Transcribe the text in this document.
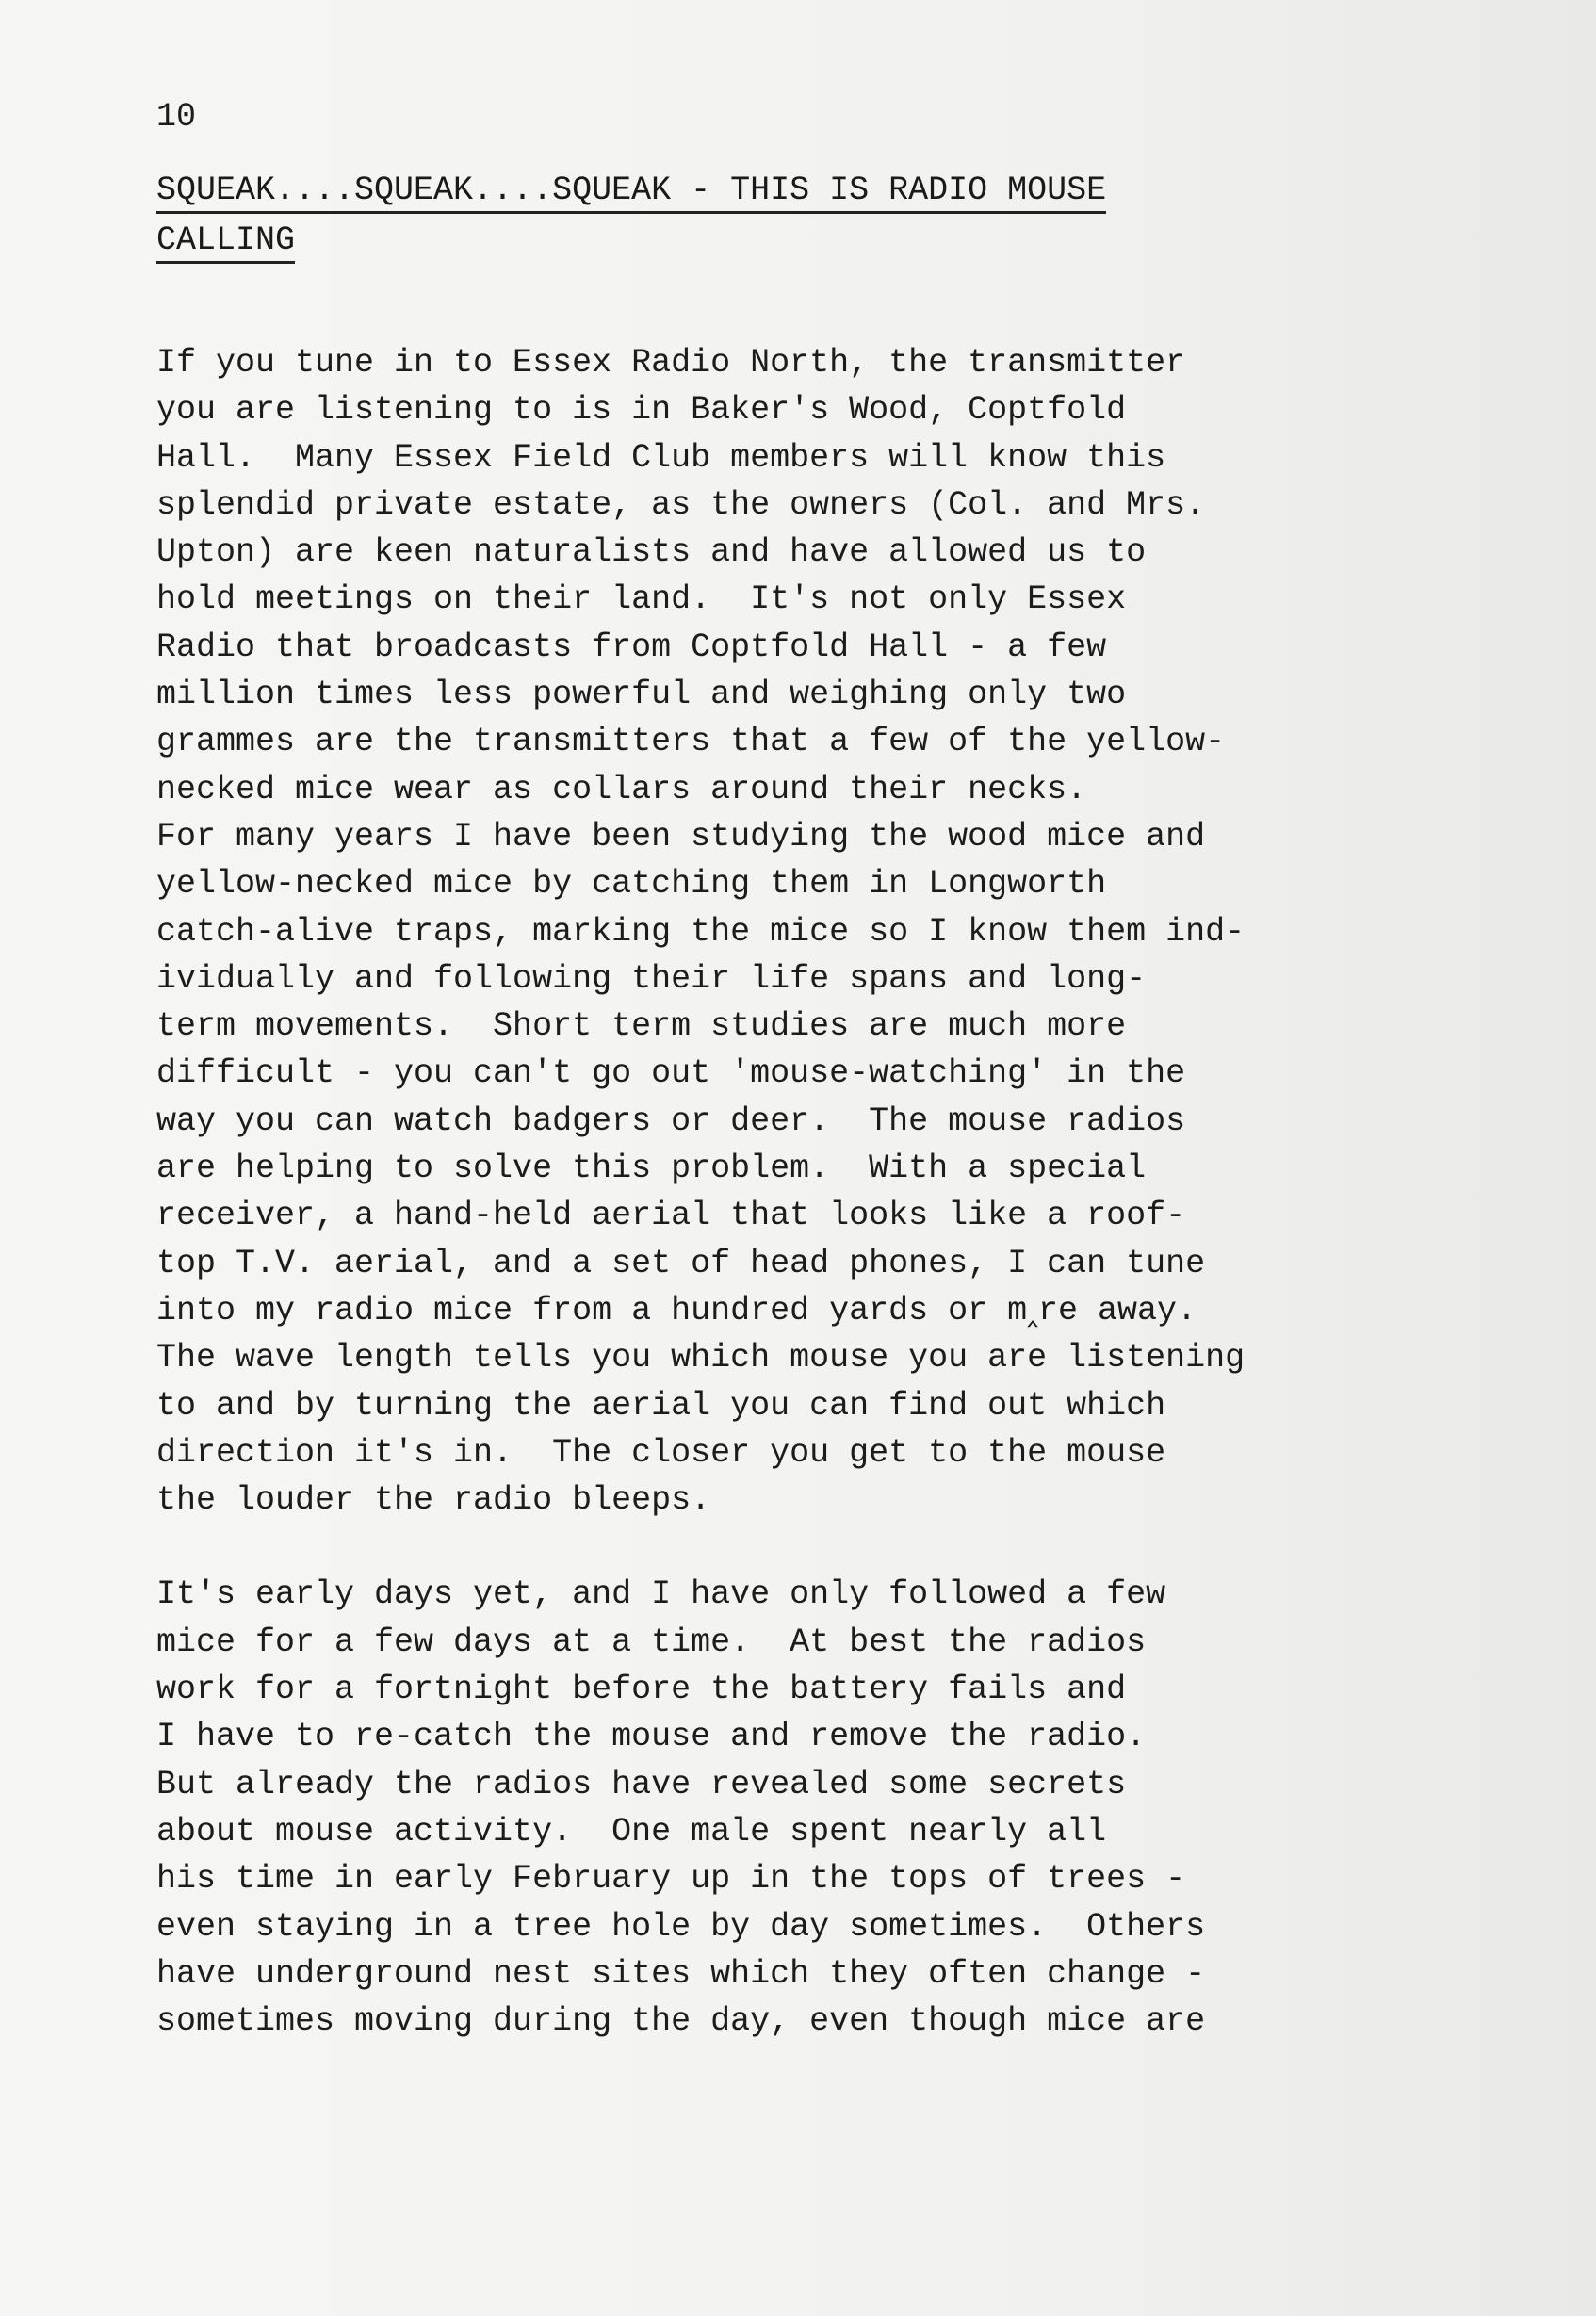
10
SQUEAK....SQUEAK....SQUEAK - THIS IS RADIO MOUSE
CALLING
If you tune in to Essex Radio North, the transmitter
you are listening to is in Baker's Wood, Coptfold
Hall.  Many Essex Field Club members will know this
splendid private estate, as the owners (Col. and Mrs.
Upton) are keen naturalists and have allowed us to
hold meetings on their land.  It's not only Essex
Radio that broadcasts from Coptfold Hall - a few
million times less powerful and weighing only two
grammes are the transmitters that a few of the yellow-
necked mice wear as collars around their necks.
For many years I have been studying the wood mice and
yellow-necked mice by catching them in Longworth
catch-alive traps, marking the mice so I know them ind-
ividually and following their life spans and long-
term movements.  Short term studies are much more
difficult - you can't go out 'mouse-watching' in the
way you can watch badgers or deer.  The mouse radios
are helping to solve this problem.  With a special
receiver, a hand-held aerial that looks like a roof-
top T.V. aerial, and a set of head phones, I can tune
into my radio mice from a hundred yards or m‸re away.
The wave length tells you which mouse you are listening
to and by turning the aerial you can find out which
direction it's in.  The closer you get to the mouse
the louder the radio bleeps.
It's early days yet, and I have only followed a few
mice for a few days at a time.  At best the radios
work for a fortnight before the battery fails and
I have to re-catch the mouse and remove the radio.
But already the radios have revealed some secrets
about mouse activity.  One male spent nearly all
his time in early February up in the tops of trees -
even staying in a tree hole by day sometimes.  Others
have underground nest sites which they often change -
sometimes moving during the day, even though mice are
